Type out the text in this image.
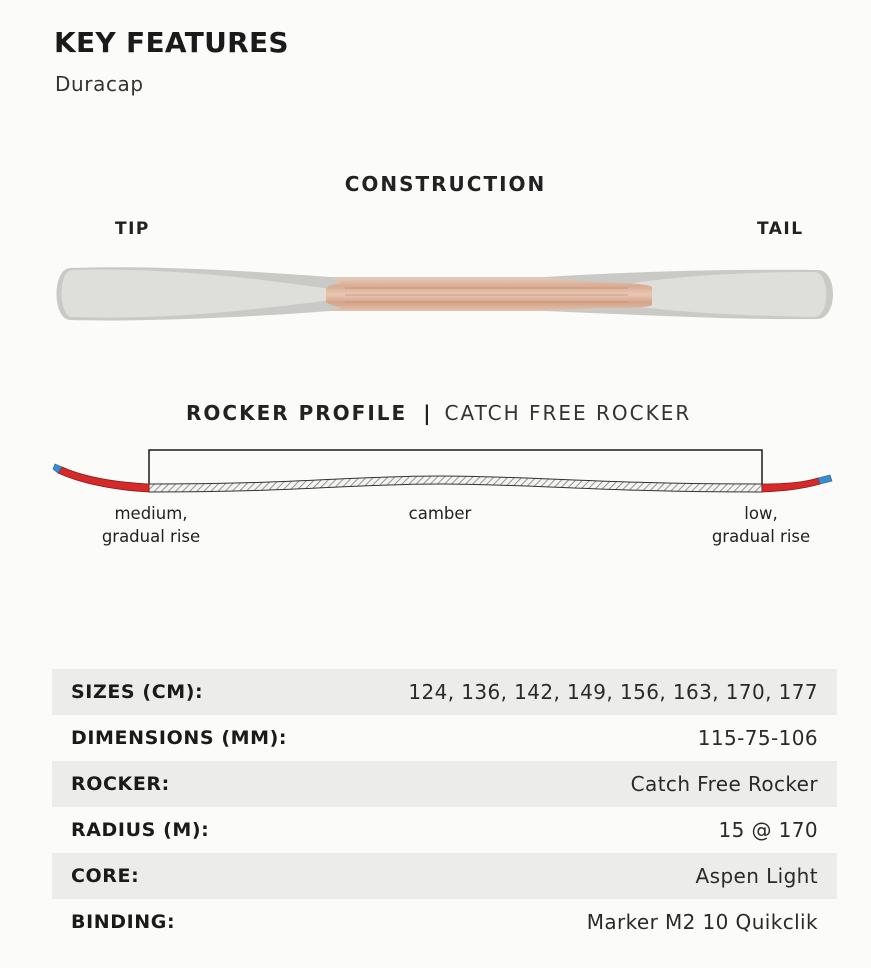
KEY FEATURES
Duracap
CONSTRUCTION
TIP	TAIL
ROCKER PROFILE | CATCH FREE ROCKER
medium,
gradual rise
camber	low,
gradual rise
SIZES (CM):	124, 136, 142, 149, 156, 163, 170, 177
DIMENSIONS (MM):	115-75-106
ROCKER:	Catch Free Rocker
RADIUS (M):	15 @ 170
CORE:	Aspen Light
BINDING:	Marker M2 10 Quikclik
